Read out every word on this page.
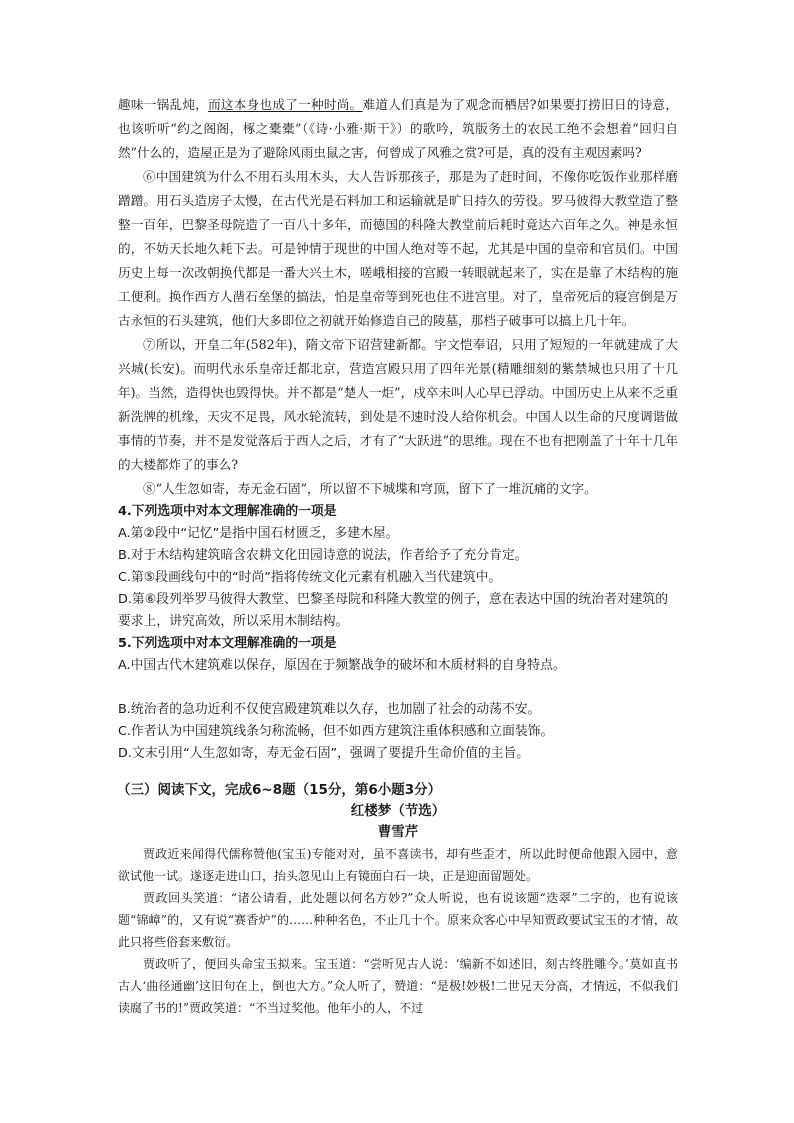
趣味一锅乱炖，而这本身也成了一种时尚。难道人们真是为了观念而栖居?如果要打捞旧日的诗意，也该听听“约之阁阁，椓之橐橐”（《诗·小雅·斯干》）的歌吟，筑版务土的农民工绝不会想着“回归自然”什么的，造屋正是为了避除风雨虫鼠之害，何曾成了风雅之赏?可是，真的没有主观因素吗?

⑥中国建筑为什么不用石头用木头，大人告诉那孩子，那是为了赶时间，不像你吃饭作业那样磨蹭蹭。用石头造房子太慢，在古代光是石料加工和运输就是旷日持久的劳役。罗马彼得大教堂造了整整一百年，巴黎圣母院造了一百八十多年，而德国的科隆大教堂前后耗时竟达六百年之久。神是永恒的，不妨天长地久耗下去。可是钟情于现世的中国人绝对等不起，尤其是中国的皇帝和官员们。中国历史上每一次改朝换代都是一番大兴土木，嗟峨相接的宫殿一转眼就起来了，实在是靠了木结构的施工便利。换作西方人凿石垒堡的搞法，怕是皇帝等到死也住不进宫里。对了，皇帝死后的寝宫倒是万古永恒的石头建筑，他们大多即位之初就开始修造自己的陵墓，那档子破事可以搞上几十年。

⑦所以，开皇二年(582年)，隋文帝下诏营建新都。宇文恺奉诏，只用了短短的一年就建成了大兴城(长安)。而明代永乐皇帝迁都北京，营造宫殿只用了四年光景(精雕细刻的紫禁城也只用了十几年)。当然，造得快也毁得快。并不都是“楚人一炬”，戍卒未叫人心早已浮动。中国历史上从来不乏重新洗牌的机缘，天灾不足畏，风水轮流转，到处是不速时没人给你机会。中国人以生命的尺度调谐做事情的节奏，并不是发觉落后于西人之后，才有了“大跃进”的思维。现在不也有把刚盖了十年十几年的大楼都炸了的事么?

⑧“人生忽如寄，寿无金石固”，所以留不下城堞和穹顶，留下了一堆沉痛的文字。

4.下列选项中对本文理解准确的一项是

A.第②段中“记忆”是指中国石材匮乏，多建木屋。

B.对于木结构建筑暗含农耕文化田园诗意的说法，作者给予了充分肯定。

C.第⑤段画线句中的“时尚”指将传统文化元素有机融入当代建筑中。

D.第⑥段列举罗马彼得大教堂、巴黎圣母院和科隆大教堂的例子，意在表达中国的统治者对建筑的要求上，讲究高效，所以采用木制结构。

5.下列选项中对本文理解准确的一项是

A.中国古代木建筑难以保存，原因在于频繁战争的破坏和木质材料的自身特点。

B.统治者的急功近利不仅使宫殿建筑难以久存，也加剧了社会的动荡不安。

C.作者认为中国建筑线条匀称流畅，但不如西方建筑注重体积感和立面装饰。

D.文末引用“人生忽如寄，寿无金石固”，强调了要提升生命价值的主旨。

（三）阅读下文，完成6~8题（15分，第6小题3分）

红楼梦（节选）

曹雪芹

贾政近来闻得代儒称赞他(宝玉)专能对对，虽不喜读书，却有些歪才，所以此时便命他跟入园中，意欲试他一试。遂逐走进山口，抬头忽见山上有镜面白石一块，正是迎面留题处。

贾政回头笑道：“诸公请看，此处题以何名方妙?”众人听说，也有说该题“迭翠”二字的，也有说该题“锦嶂”的，又有说“赛香炉”的……种种名色，不止几十个。原来众客心中早知贾政要试宝玉的才情，故此只将些俗套来敷衍。

贾政听了，便回头命宝玉拟来。宝玉道：“尝听见古人说：‘编新不如述旧，刻古终胜雕今。’莫如直书古人‘曲径通幽’这旧句在上，倒也大方。”众人听了，赞道：“是极!妙极!二世兄天分高，才情远，不似我们读腐了书的!”贾政笑道：“不当过奖他。他年小的人，不过
